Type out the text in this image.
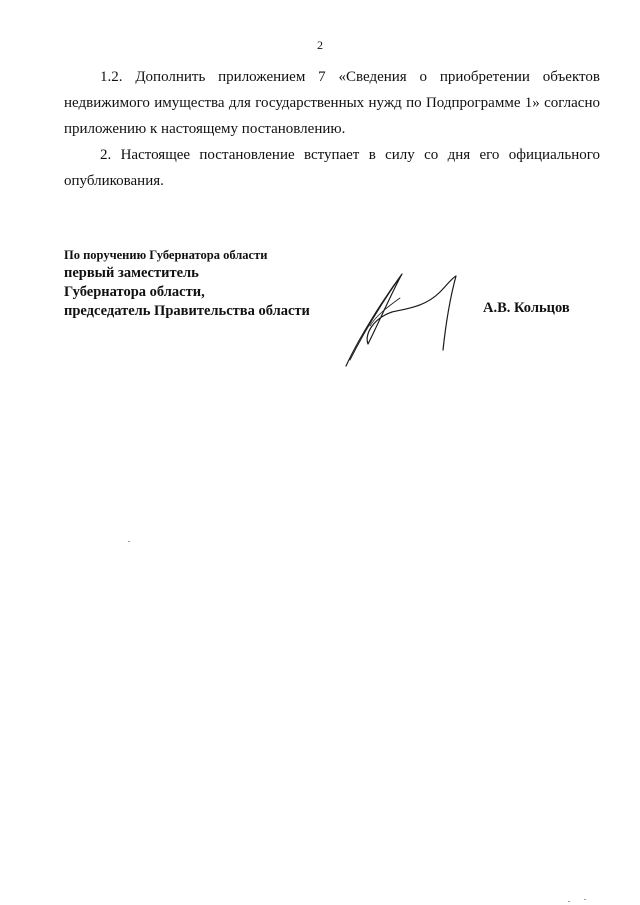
2

1.2. Дополнить приложением 7 «Сведения о приобретении объектов недвижимого имущества для государственных нужд по Подпрограмме 1» согласно приложению к настоящему постановлению.

2. Настоящее постановление вступает в силу со дня его официального опубликования.

По поручению Губернатора области
первый заместитель
Губернатора области,
председатель Правительства области	А.В. Кольцов
